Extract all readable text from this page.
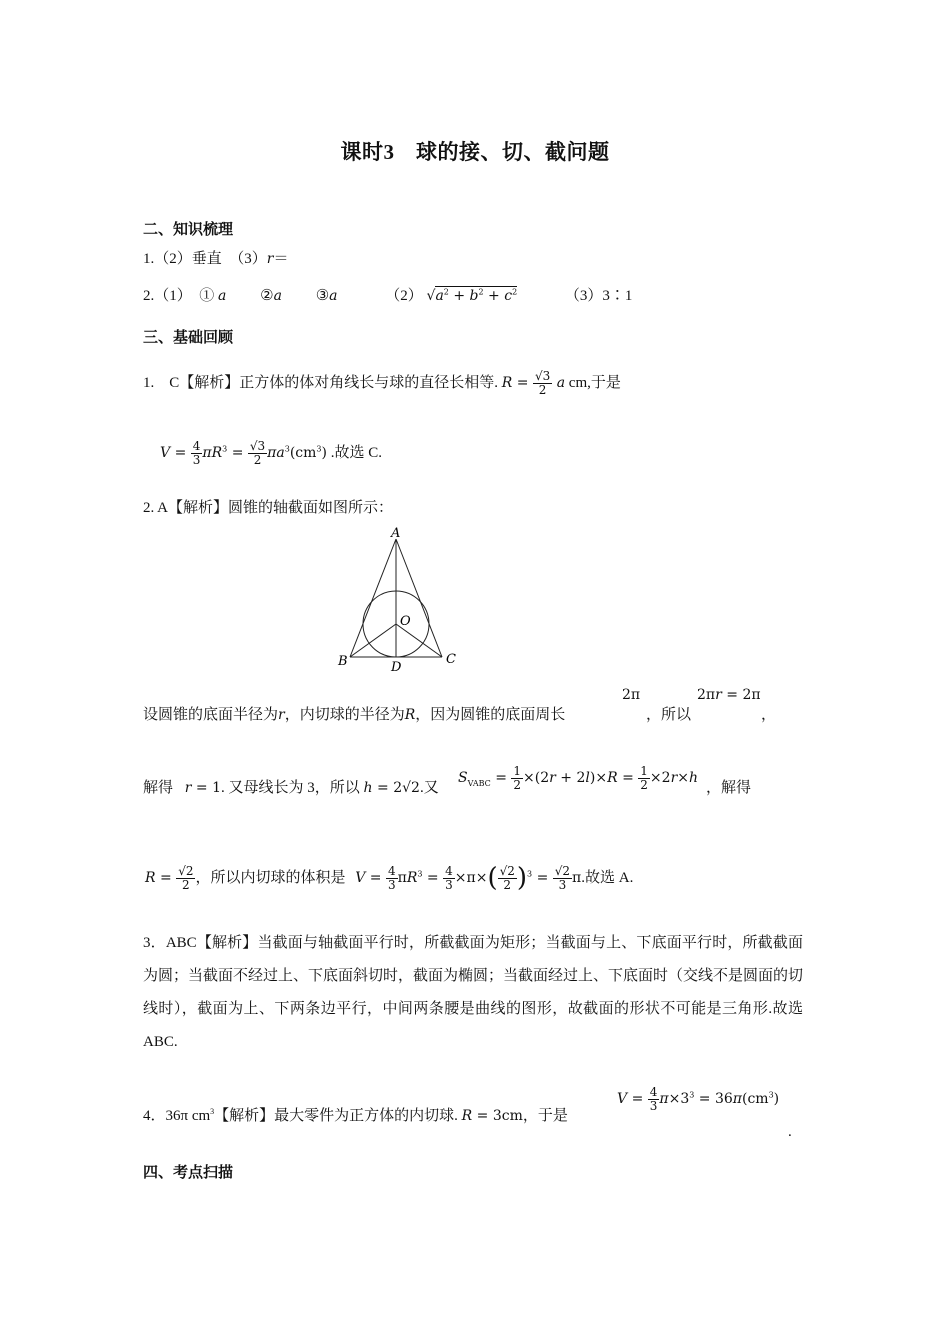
课时3　球的接、切、截问题
二、知识梳理
1.（2）垂直　（3）r＝
2.（1）　① a ②a ③a	（2） $√a^2 + b^2 + c^2$	（3）3∶1
三、基础回顾
1.　C【解析】正方体的体对角线长与球的直径长相等. $R = \frac{√3}{2}$ a cm,于是
$V = \frac{4}{3} \pi R^3 = \frac{√3}{2} \pi a^3(cm^3)$ .故选 C.
2. A【解析】圆锥的轴截面如图所示：
A
B	C
D
O
设圆锥的底面半径为r，内切球的半径为R，因为圆锥的底面周长
2π
，所以
2πr = 2π
，
解得 r = 1. 又母线长为 3，所以 h = 2√2.又
$S_{VABC} = \frac{1}{2} \times(2r + 2l)\times R = \frac{1}{2} \times 2r\times h$
，解得
$R = \frac{√2}{2}$ ，所以内切球的体积是 $V = \frac{4}{3} \pi R^3 = \frac{4}{3} \times\pi\times( \frac{√2}{2} )^3 = \frac{√2}{3} \pi$.故选 A.
3．ABC【解析】当截面与轴截面平行时，所截截面为矩形；当截面与上、下底面平行时，所截截面为圆；当截面不经过上、下底面斜切时，截面为椭圆；当截面经过上、下底面时（交线不是圆面的切线时），截面为上、下两条边平行，中间两条腰是曲线的图形，故截面的形状不可能是三角形.故选 ABC.
4．36π $cm^3$【解析】最大零件为正方体的内切球. R = 3cm，于是
$V = \frac{4}{3} \pi\times 3^3 = 36\pi(cm^3)$
.
四、考点扫描
